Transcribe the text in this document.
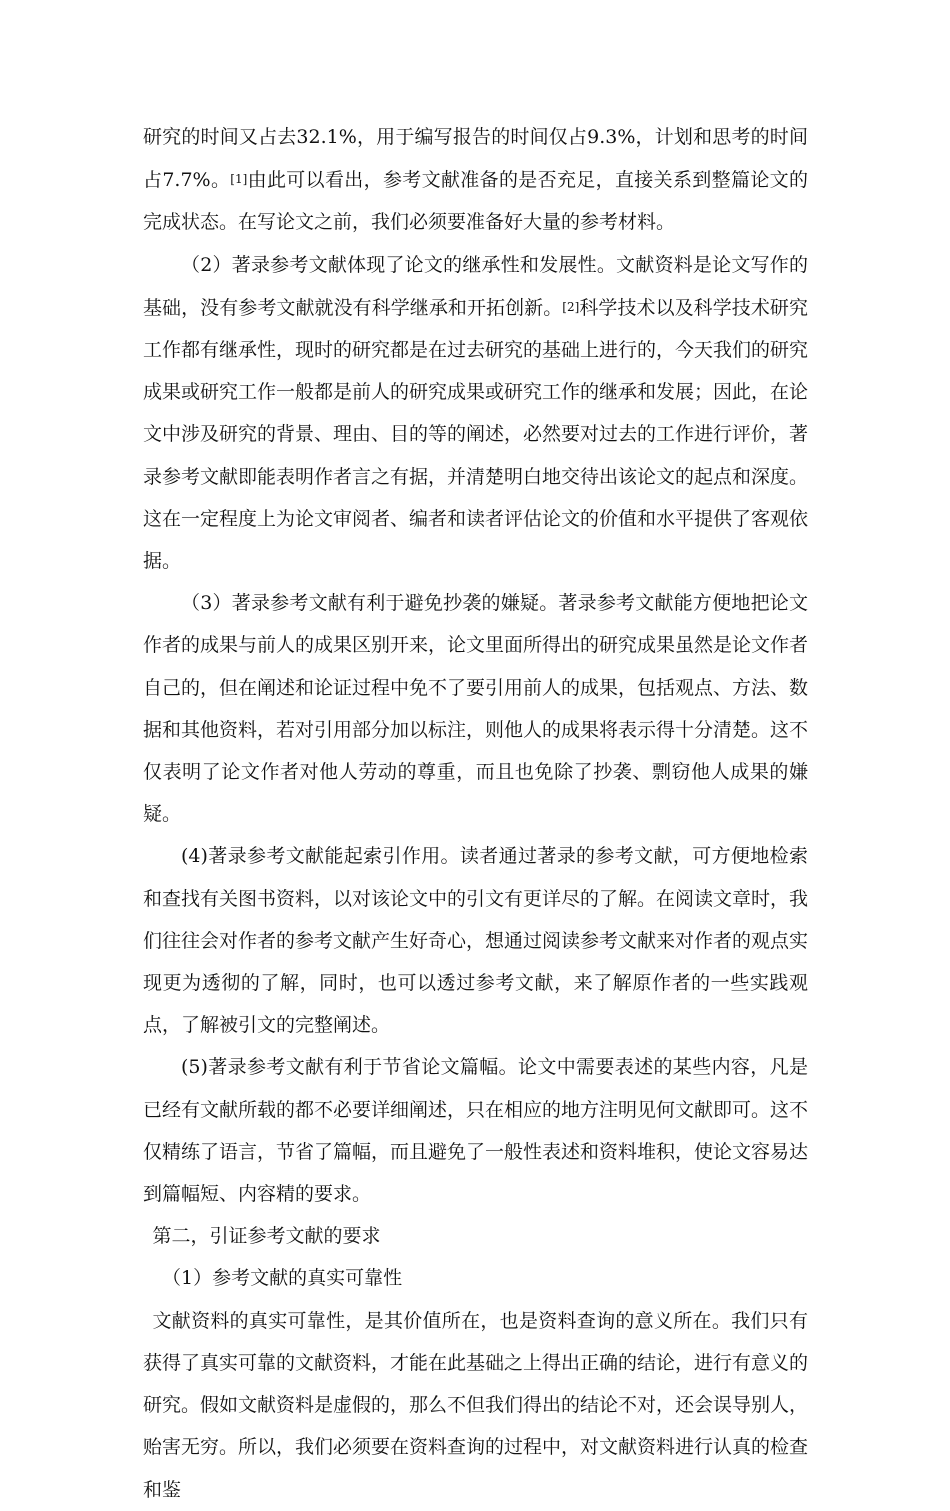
研究的时间又占去32.1%，用于编写报告的时间仅占9.3%，计划和思考的时间占7.7%。[1]由此可以看出，参考文献准备的是否充足，直接关系到整篇论文的完成状态。在写论文之前，我们必须要准备好大量的参考材料。

（2）著录参考文献体现了论文的继承性和发展性。文献资料是论文写作的基础，没有参考文献就没有科学继承和开拓创新。[2]科学技术以及科学技术研究工作都有继承性，现时的研究都是在过去研究的基础上进行的，今天我们的研究成果或研究工作一般都是前人的研究成果或研究工作的继承和发展；因此，在论文中涉及研究的背景、理由、目的等的阐述，必然要对过去的工作进行评价，著录参考文献即能表明作者言之有据，并清楚明白地交待出该论文的起点和深度。这在一定程度上为论文审阅者、编者和读者评估论文的价值和水平提供了客观依据。

（3）著录参考文献有利于避免抄袭的嫌疑。著录参考文献能方便地把论文作者的成果与前人的成果区别开来，论文里面所得出的研究成果虽然是论文作者自己的，但在阐述和论证过程中免不了要引用前人的成果，包括观点、方法、数据和其他资料，若对引用部分加以标注，则他人的成果将表示得十分清楚。这不仅表明了论文作者对他人劳动的尊重，而且也免除了抄袭、剽窃他人成果的嫌疑。

(4)著录参考文献能起索引作用。读者通过著录的参考文献，可方便地检索和查找有关图书资料，以对该论文中的引文有更详尽的了解。在阅读文章时，我们往往会对作者的参考文献产生好奇心，想通过阅读参考文献来对作者的观点实现更为透彻的了解，同时，也可以透过参考文献，来了解原作者的一些实践观点，了解被引文的完整阐述。

(5)著录参考文献有利于节省论文篇幅。论文中需要表述的某些内容，凡是已经有文献所载的都不必要详细阐述，只在相应的地方注明见何文献即可。这不仅精练了语言，节省了篇幅，而且避免了一般性表述和资料堆积，使论文容易达到篇幅短、内容精的要求。

第二，引证参考文献的要求

（1）参考文献的真实可靠性

文献资料的真实可靠性，是其价值所在，也是资料查询的意义所在。我们只有获得了真实可靠的文献资料，才能在此基础之上得出正确的结论，进行有意义的研究。假如文献资料是虚假的，那么不但我们得出的结论不对，还会误导别人，贻害无穷。所以，我们必须要在资料查询的过程中，对文献资料进行认真的检查和鉴
